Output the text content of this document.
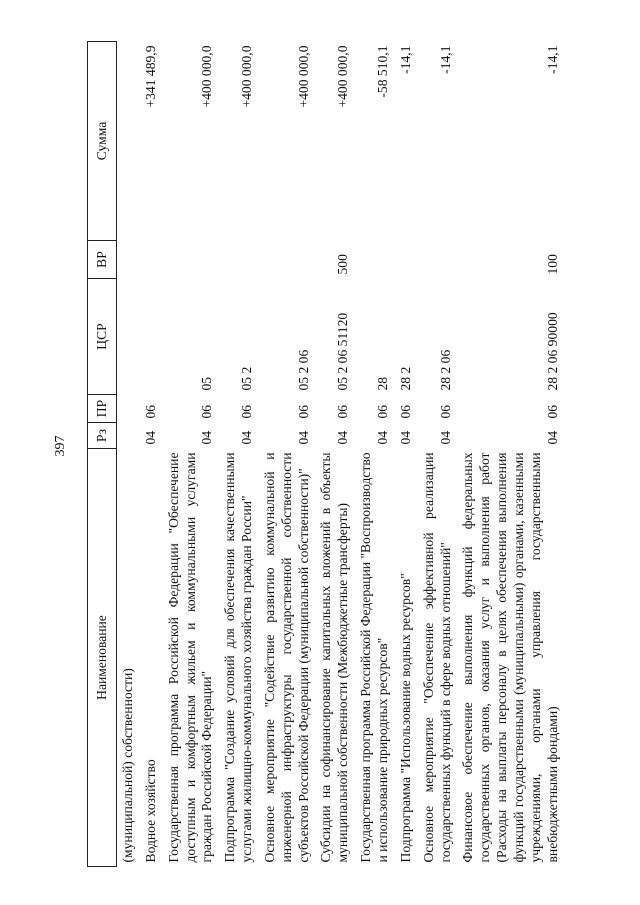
397
Наименование	Рз	ПР	ЦСР	ВР	Сумма
(муниципальной) собственности)					
Водное хозяйство	04	06			+341 489,9
Государственная программа Российской Федерации "Обеспечение доступным и комфортным жильем и коммунальными услугами граждан Российской Федерации"	04	06	05		+400 000,0
Подпрограмма "Создание условий для обеспечения качественными услугами жилищно-коммунального хозяйства граждан России"	04	06	05 2		+400 000,0
Основное мероприятие "Содействие развитию коммунальной и инженерной инфраструктуры государственной собственности субъектов Российской Федерации (муниципальной собственности)"	04	06	05 2 06		+400 000,0
Субсидии на софинансирование капитальных вложений в объекты муниципальной собственности (Межбюджетные трансферты)	04	06	05 2 06 51120	500	+400 000,0
Государственная программа Российской Федерации "Воспроизводство и использование природных ресурсов"	04	06	28		-58 510,1
Подпрограмма "Использование водных ресурсов"	04	06	28 2		-14,1
Основное мероприятие "Обеспечение эффективной реализации государственных функций в сфере водных отношений"	04	06	28 2 06		-14,1
Финансовое обеспечение выполнения функций федеральных государственных органов, оказания услуг и выполнения работ (Расходы на выплаты персоналу в целях обеспечения выполнения функций государственными (муниципальными) органами, казенными учреждениями, органами управления государственными внебюджетными фондами)	04	06	28 2 06 90000	100	-14,1
